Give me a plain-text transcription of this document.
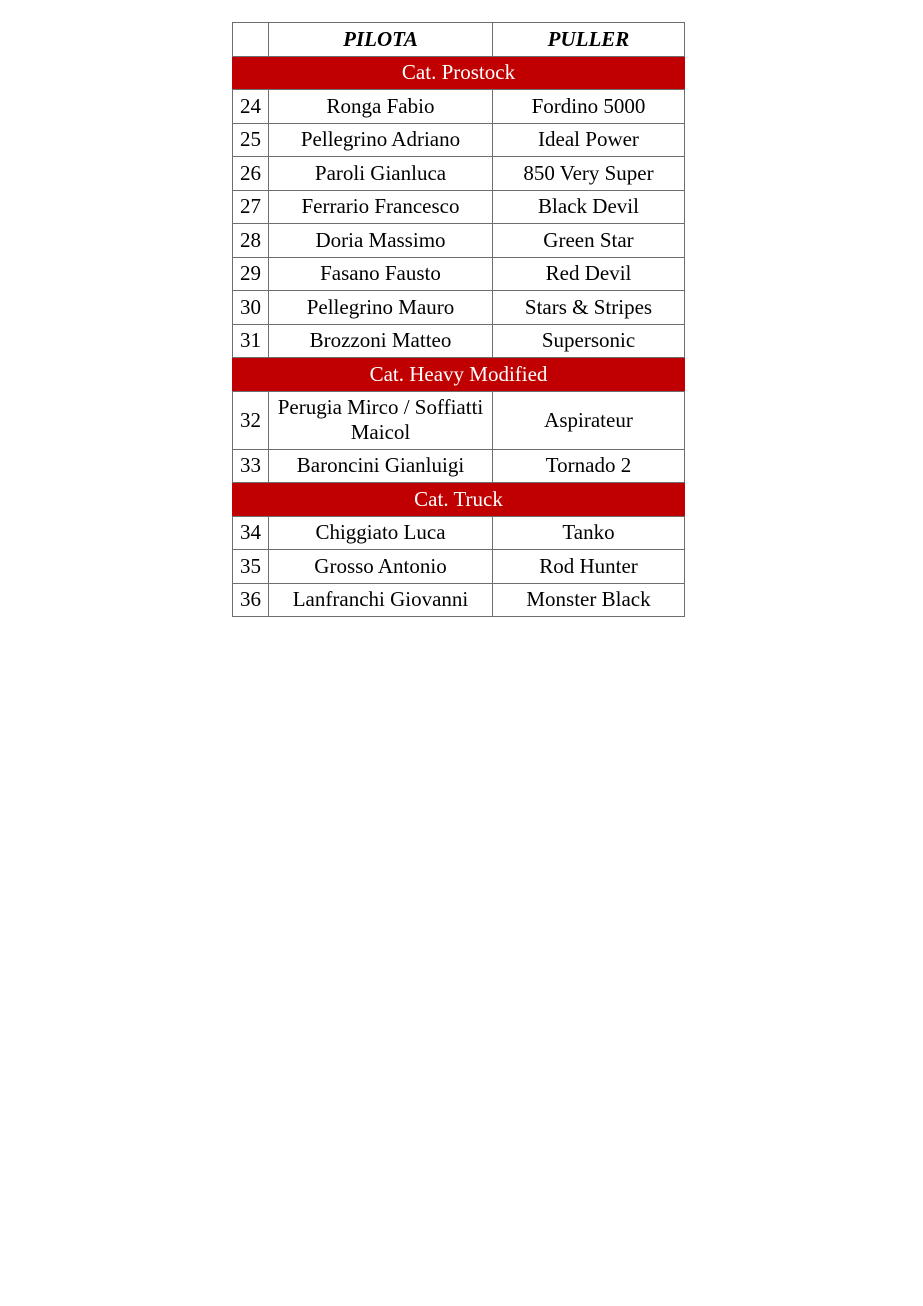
	PILOTA	PULLER
Cat. Prostock		
24	Ronga Fabio	Fordino 5000
25	Pellegrino Adriano	Ideal Power
26	Paroli Gianluca	850 Very Super
27	Ferrario Francesco	Black Devil
28	Doria Massimo	Green Star
29	Fasano Fausto	Red Devil
30	Pellegrino Mauro	Stars & Stripes
31	Brozzoni Matteo	Supersonic
Cat. Heavy Modified		
32	Perugia Mirco / Soffiatti Maicol	Aspirateur
33	Baroncini Gianluigi	Tornado 2
Cat. Truck		
34	Chiggiato Luca	Tanko
35	Grosso Antonio	Rod Hunter
36	Lanfranchi Giovanni	Monster Black
